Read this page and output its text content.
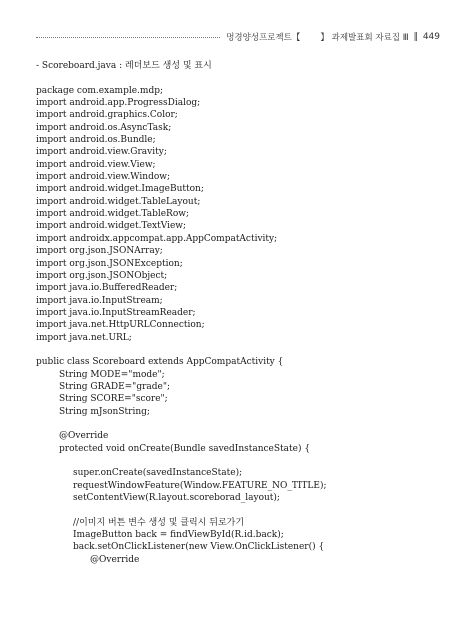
멍경양성프로젝트【 】 과제발표회 자료집 Ⅲ ‖ 449
- Scoreboard.java : 레더보드 생성 및 표시
package com.example.mdp;
import android.app.ProgressDialog;
import android.graphics.Color;
import android.os.AsyncTask;
import android.os.Bundle;
import android.view.Gravity;
import android.view.View;
import android.view.Window;
import android.widget.ImageButton;
import android.widget.TableLayout;
import android.widget.TableRow;
import android.widget.TextView;
import androidx.appcompat.app.AppCompatActivity;
import org.json.JSONArray;
import org.json.JSONException;
import org.json.JSONObject;
import java.io.BufferedReader;
import java.io.InputStream;
import java.io.InputStreamReader;
import java.net.HttpURLConnection;
import java.net.URL;
public class Scoreboard extends AppCompatActivity {
String MODE="mode";
String GRADE="grade";
String SCORE="score";
String mJsonString;
@Override
protected void onCreate(Bundle savedInstanceState) {
super.onCreate(savedInstanceState);
requestWindowFeature(Window.FEATURE_NO_TITLE);
setContentView(R.layout.scoreborad_layout);
//이미지 버튼 변수 생성 및 클릭시 뒤로가기
ImageButton back = findViewById(R.id.back);
back.setOnClickListener(new View.OnClickListener() {
@Override
